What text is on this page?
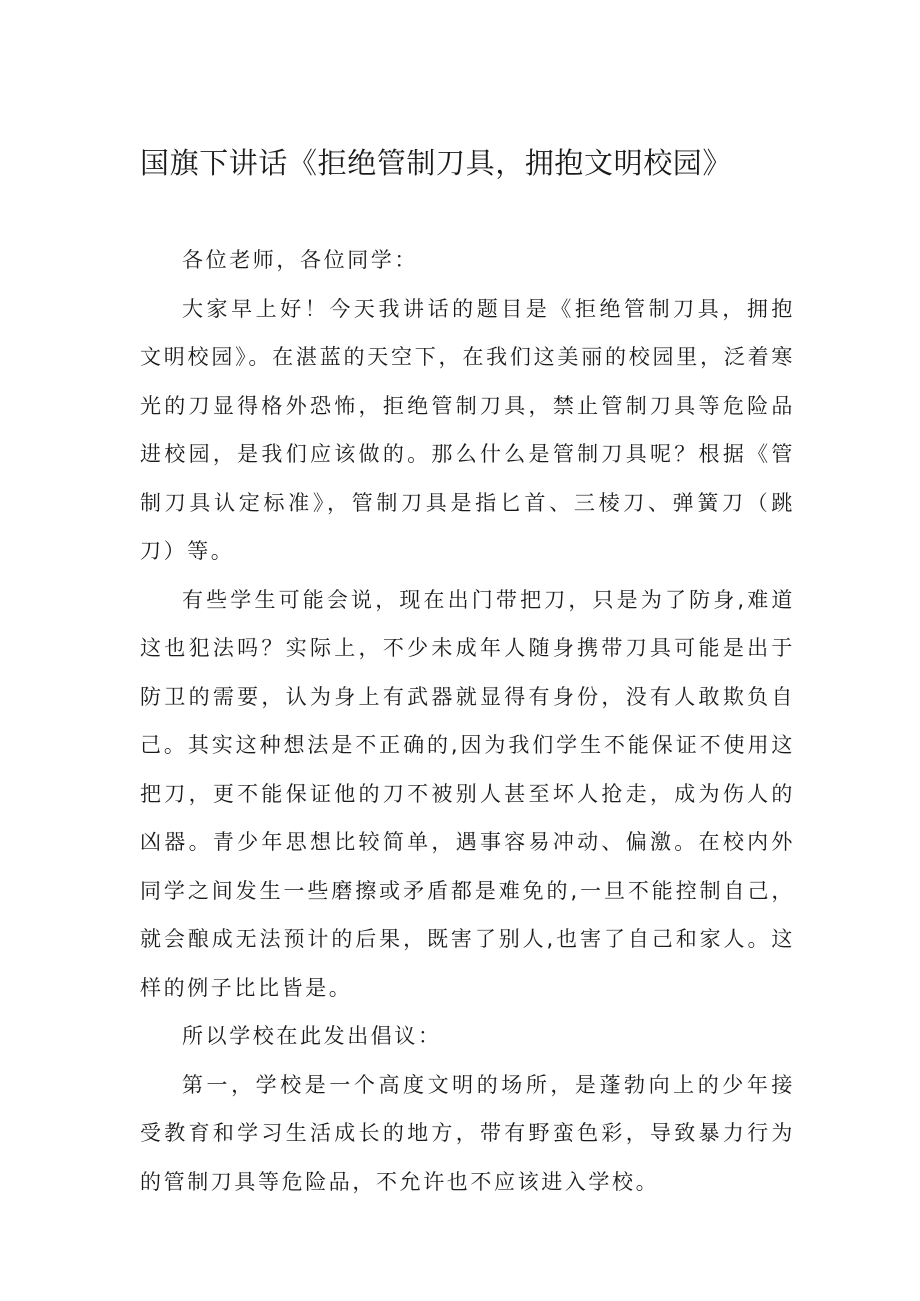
国旗下讲话《拒绝管制刀具，拥抱文明校园》

各位老师，各位同学：

大家早上好！今天我讲话的题目是《拒绝管制刀具，拥抱文明校园》。在湛蓝的天空下，在我们这美丽的校园里，泛着寒光的刀显得格外恐怖，拒绝管制刀具，禁止管制刀具等危险品进校园，是我们应该做的。那么什么是管制刀具呢？根据《管制刀具认定标准》，管制刀具是指匕首、三棱刀、弹簧刀（跳刀）等。

有些学生可能会说，现在出门带把刀，只是为了防身,难道这也犯法吗？实际上，不少未成年人随身携带刀具可能是出于防卫的需要，认为身上有武器就显得有身份，没有人敢欺负自己。其实这种想法是不正确的,因为我们学生不能保证不使用这把刀，更不能保证他的刀不被别人甚至坏人抢走，成为伤人的凶器。青少年思想比较简单，遇事容易冲动、偏激。在校内外同学之间发生一些磨擦或矛盾都是难免的,一旦不能控制自己，就会酿成无法预计的后果，既害了别人,也害了自己和家人。这样的例子比比皆是。

所以学校在此发出倡议：

第一，学校是一个高度文明的场所，是蓬勃向上的少年接受教育和学习生活成长的地方，带有野蛮色彩，导致暴力行为的管制刀具等危险品，不允许也不应该进入学校。
